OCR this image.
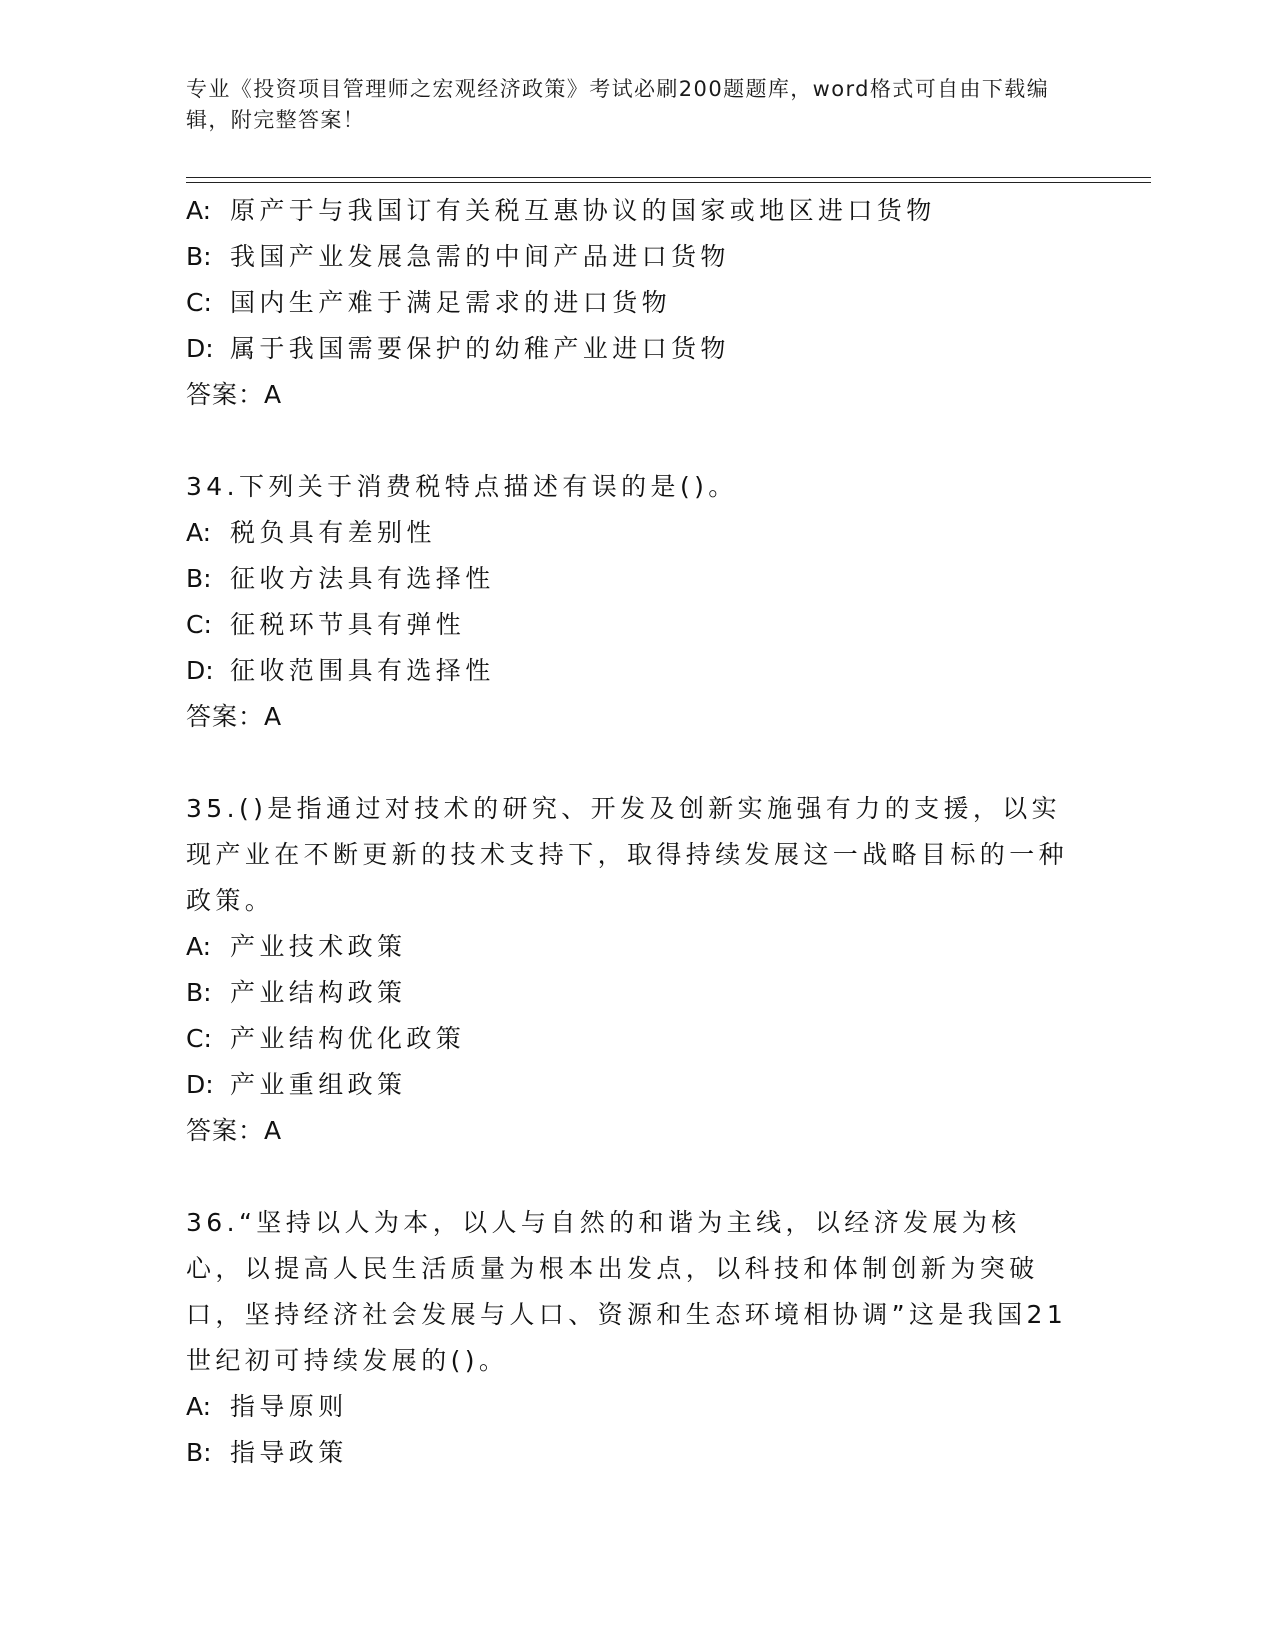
专业《投资项目管理师之宏观经济政策》考试必刷200题题库，word格式可自由下载编辑，附完整答案！
A: 原产于与我国订有关税互惠协议的国家或地区进口货物
B: 我国产业发展急需的中间产品进口货物
C: 国内生产难于满足需求的进口货物
D: 属于我国需要保护的幼稚产业进口货物
答案：A
34.下列关于消费税特点描述有误的是()。
A: 税负具有差别性
B: 征收方法具有选择性
C: 征税环节具有弹性
D: 征收范围具有选择性
答案：A
35.()是指通过对技术的研究、开发及创新实施强有力的支援，以实现产业在不断更新的技术支持下，取得持续发展这一战略目标的一种政策。
A: 产业技术政策
B: 产业结构政策
C: 产业结构优化政策
D: 产业重组政策
答案：A
36.“坚持以人为本，以人与自然的和谐为主线，以经济发展为核心，以提高人民生活质量为根本出发点，以科技和体制创新为突破口，坚持经济社会发展与人口、资源和生态环境相协调”这是我国21世纪初可持续发展的()。
A: 指导原则
B: 指导政策
